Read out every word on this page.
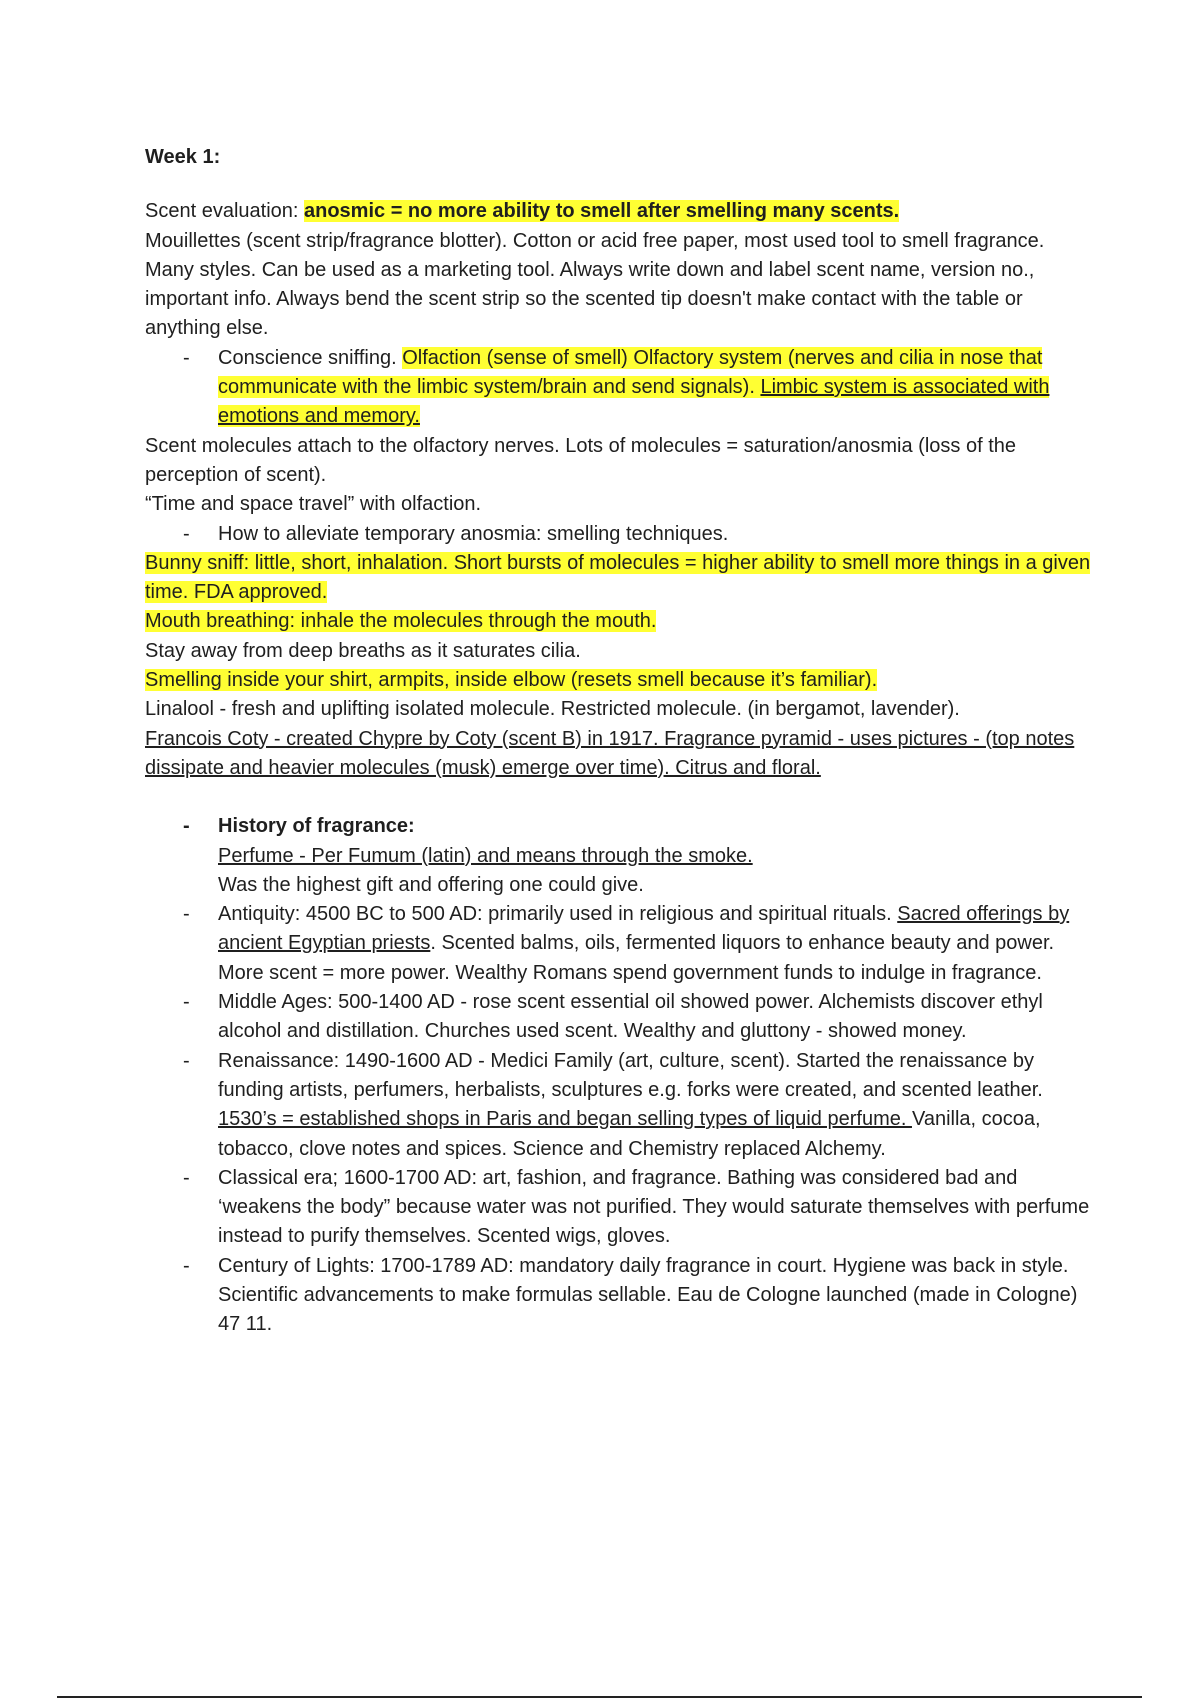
Week 1:

Scent evaluation: anosmic = no more ability to smell after smelling many scents.

Mouillettes (scent strip/fragrance blotter). Cotton or acid free paper, most used tool to smell fragrance. Many styles. Can be used as a marketing tool. Always write down and label scent name, version no., important info. Always bend the scent strip so the scented tip doesn't make contact with the table or anything else.

- Conscience sniffing. Olfaction (sense of smell) Olfactory system (nerves and cilia in nose that communicate with the limbic system/brain and send signals). Limbic system is associated with emotions and memory.

Scent molecules attach to the olfactory nerves. Lots of molecules = saturation/anosmia (loss of the perception of scent).

“Time and space travel” with olfaction.

- How to alleviate temporary anosmia: smelling techniques.

Bunny sniff: little, short, inhalation. Short bursts of molecules = higher ability to smell more things in a given time. FDA approved.

Mouth breathing: inhale the molecules through the mouth.

Stay away from deep breaths as it saturates cilia.

Smelling inside your shirt, armpits, inside elbow (resets smell because it’s familiar).

Linalool - fresh and uplifting isolated molecule. Restricted molecule. (in bergamot, lavender).

Francois Coty - created Chypre by Coty (scent B) in 1917. Fragrance pyramid - uses pictures - (top notes dissipate and heavier molecules (musk) emerge over time). Citrus and floral.

- History of fragrance:
Perfume - Per Fumum (latin) and means through the smoke.
Was the highest gift and offering one could give.
- Antiquity: 4500 BC to 500 AD: primarily used in religious and spiritual rituals. Sacred offerings by ancient Egyptian priests. Scented balms, oils, fermented liquors to enhance beauty and power. More scent = more power. Wealthy Romans spend government funds to indulge in fragrance.
- Middle Ages: 500-1400 AD - rose scent essential oil showed power. Alchemists discover ethyl alcohol and distillation. Churches used scent. Wealthy and gluttony - showed money.
- Renaissance: 1490-1600 AD - Medici Family (art, culture, scent). Started the renaissance by funding artists, perfumers, herbalists, sculptures e.g. forks were created, and scented leather. 1530’s = established shops in Paris and began selling types of liquid perfume. Vanilla, cocoa, tobacco, clove notes and spices. Science and Chemistry replaced Alchemy.
- Classical era; 1600-1700 AD: art, fashion, and fragrance. Bathing was considered bad and ‘weakens the body” because water was not purified. They would saturate themselves with perfume instead to purify themselves. Scented wigs, gloves.
- Century of Lights: 1700-1789 AD: mandatory daily fragrance in court. Hygiene was back in style. Scientific advancements to make formulas sellable. Eau de Cologne launched (made in Cologne) 47 11.
